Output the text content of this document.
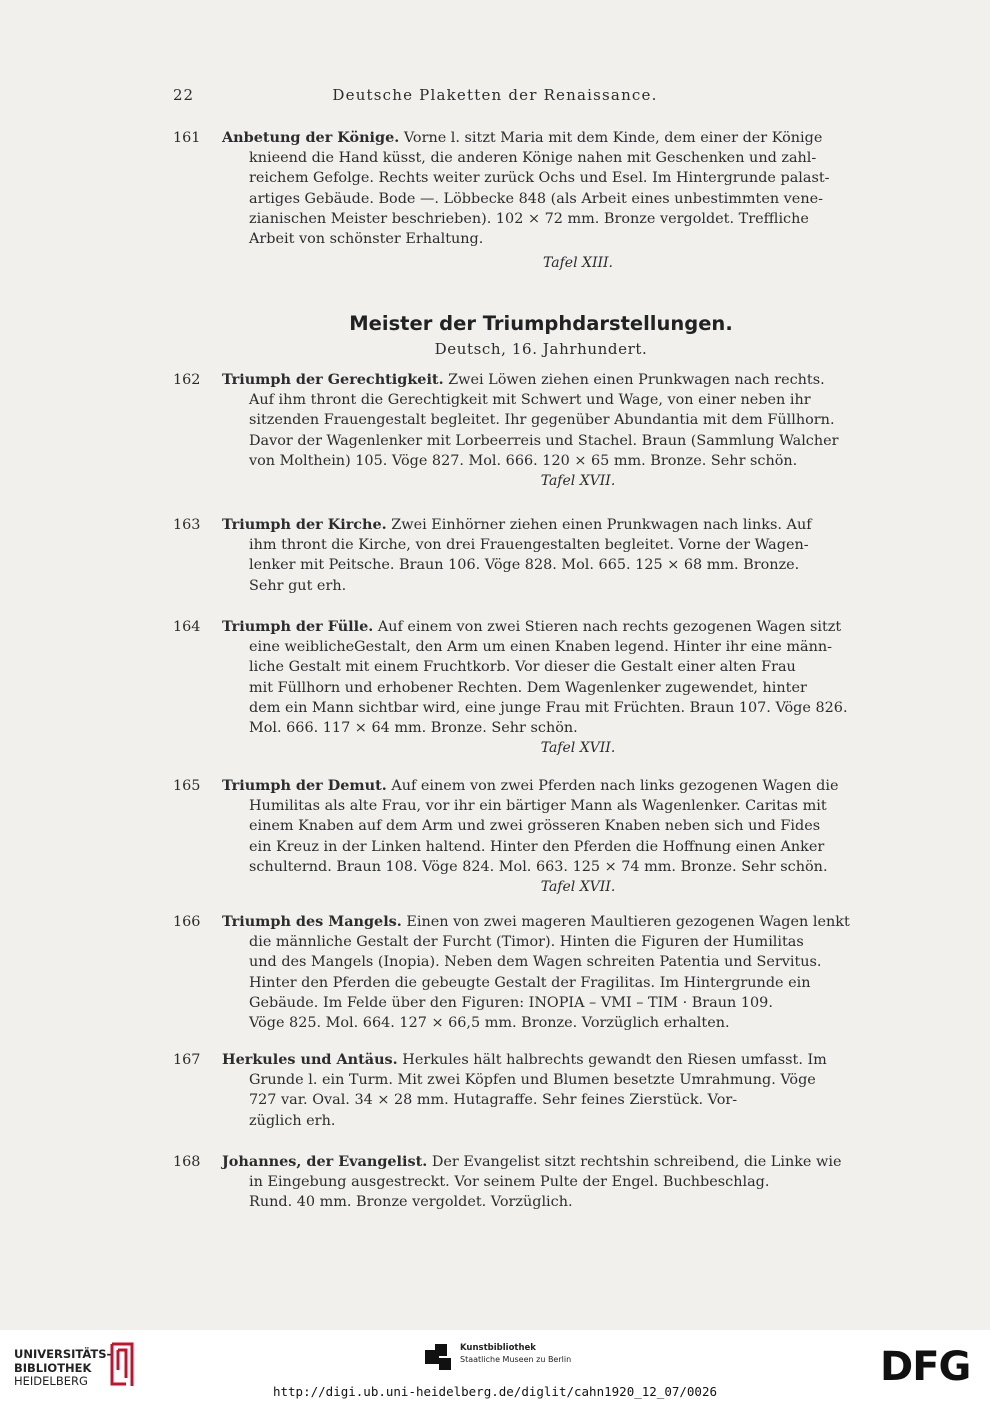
22	Deutsche Plaketten der Renaissance.
161	Anbetung der Könige. Vorne l. sitzt Maria mit dem Kinde, dem einer der Könige
knieend die Hand küsst, die anderen Könige nahen mit Geschenken und zahl-
reichem Gefolge. Rechts weiter zurück Ochs und Esel. Im Hintergrunde palast-
artiges Gebäude. Bode —. Löbbecke 848 (als Arbeit eines unbestimmten vene-
zianischen Meister beschrieben). 102 × 72 mm. Bronze vergoldet. Treffliche
Arbeit von schönster Erhaltung.
Tafel XIII.
Meister der Triumphdarstellungen.
Deutsch, 16. Jahrhundert.
162	Triumph der Gerechtigkeit. Zwei Löwen ziehen einen Prunkwagen nach rechts.
Auf ihm thront die Gerechtigkeit mit Schwert und Wage, von einer neben ihr
sitzenden Frauengestalt begleitet. Ihr gegenüber Abundantia mit dem Füllhorn.
Davor der Wagenlenker mit Lorbeerreis und Stachel. Braun (Sammlung Walcher
von Molthein) 105. Vöge 827. Mol. 666. 120 × 65 mm. Bronze. Sehr schön.
Tafel XVII.
163	Triumph der Kirche. Zwei Einhörner ziehen einen Prunkwagen nach links. Auf
ihm thront die Kirche, von drei Frauengestalten begleitet. Vorne der Wagen-
lenker mit Peitsche. Braun 106. Vöge 828. Mol. 665. 125 × 68 mm. Bronze.
Sehr gut erh.
164	Triumph der Fülle. Auf einem von zwei Stieren nach rechts gezogenen Wagen sitzt
eine weiblicheGestalt, den Arm um einen Knaben legend. Hinter ihr eine männ-
liche Gestalt mit einem Fruchtkorb. Vor dieser die Gestalt einer alten Frau
mit Füllhorn und erhobener Rechten. Dem Wagenlenker zugewendet, hinter
dem ein Mann sichtbar wird, eine junge Frau mit Früchten. Braun 107. Vöge 826.
Mol. 666. 117 × 64 mm. Bronze. Sehr schön.
Tafel XVII.
165	Triumph der Demut. Auf einem von zwei Pferden nach links gezogenen Wagen die
Humilitas als alte Frau, vor ihr ein bärtiger Mann als Wagenlenker. Caritas mit
einem Knaben auf dem Arm und zwei grösseren Knaben neben sich und Fides
ein Kreuz in der Linken haltend. Hinter den Pferden die Hoffnung einen Anker
schulternd. Braun 108. Vöge 824. Mol. 663. 125 × 74 mm. Bronze. Sehr schön.
Tafel XVII.
166	Triumph des Mangels. Einen von zwei mageren Maultieren gezogenen Wagen lenkt
die männliche Gestalt der Furcht (Timor). Hinten die Figuren der Humilitas
und des Mangels (Inopia). Neben dem Wagen schreiten Patentia und Servitus.
Hinter den Pferden die gebeugte Gestalt der Fragilitas. Im Hintergrunde ein
Gebäude. Im Felde über den Figuren: INOPIA – VMI – TIM · Braun 109.
Vöge 825. Mol. 664. 127 × 66,5 mm. Bronze. Vorzüglich erhalten.
167	Herkules und Antäus. Herkules hält halbrechts gewandt den Riesen umfasst. Im
Grunde l. ein Turm. Mit zwei Köpfen und Blumen besetzte Umrahmung. Vöge
727 var. Oval. 34 × 28 mm. Hutagraffe. Sehr feines Zierstück. Vor-
züglich erh.
168	Johannes, der Evangelist. Der Evangelist sitzt rechtshin schreibend, die Linke wie
in Eingebung ausgestreckt. Vor seinem Pulte der Engel. Buchbeschlag.
Rund. 40 mm. Bronze vergoldet. Vorzüglich.
UNIVERSITÄTS-
BIBLIOTHEK
HEIDELBERG
Kunstbibliothek
Staatliche Museen zu Berlin	DFG
http://digi.ub.uni-heidelberg.de/diglit/cahn1920_12_07/0026
